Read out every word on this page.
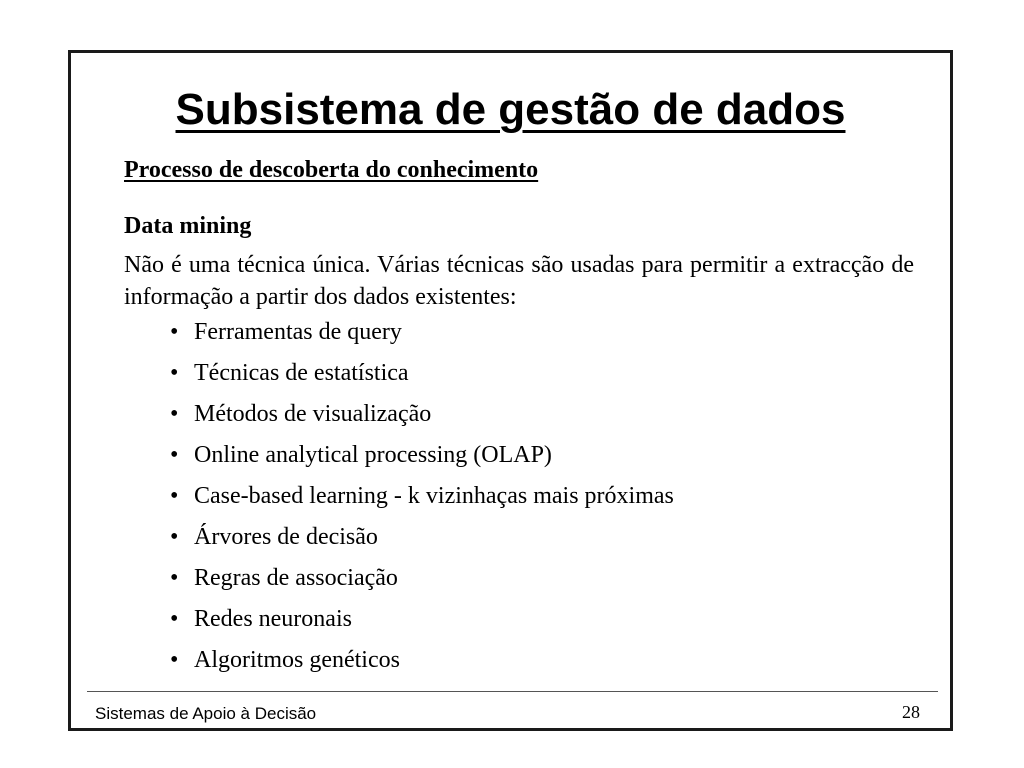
Subsistema de gestão de dados

Processo de descoberta do conhecimento

Data mining

Não é uma técnica única. Várias técnicas são usadas para permitir a extracção de informação a partir dos dados existentes:

• Ferramentas de query
• Técnicas de estatística
• Métodos de visualização
• Online analytical processing (OLAP)
• Case-based learning - k vizinhaças mais próximas
• Árvores de decisão
• Regras de associação
• Redes neuronais
• Algoritmos genéticos
Sistemas de Apoio à Decisão	28
